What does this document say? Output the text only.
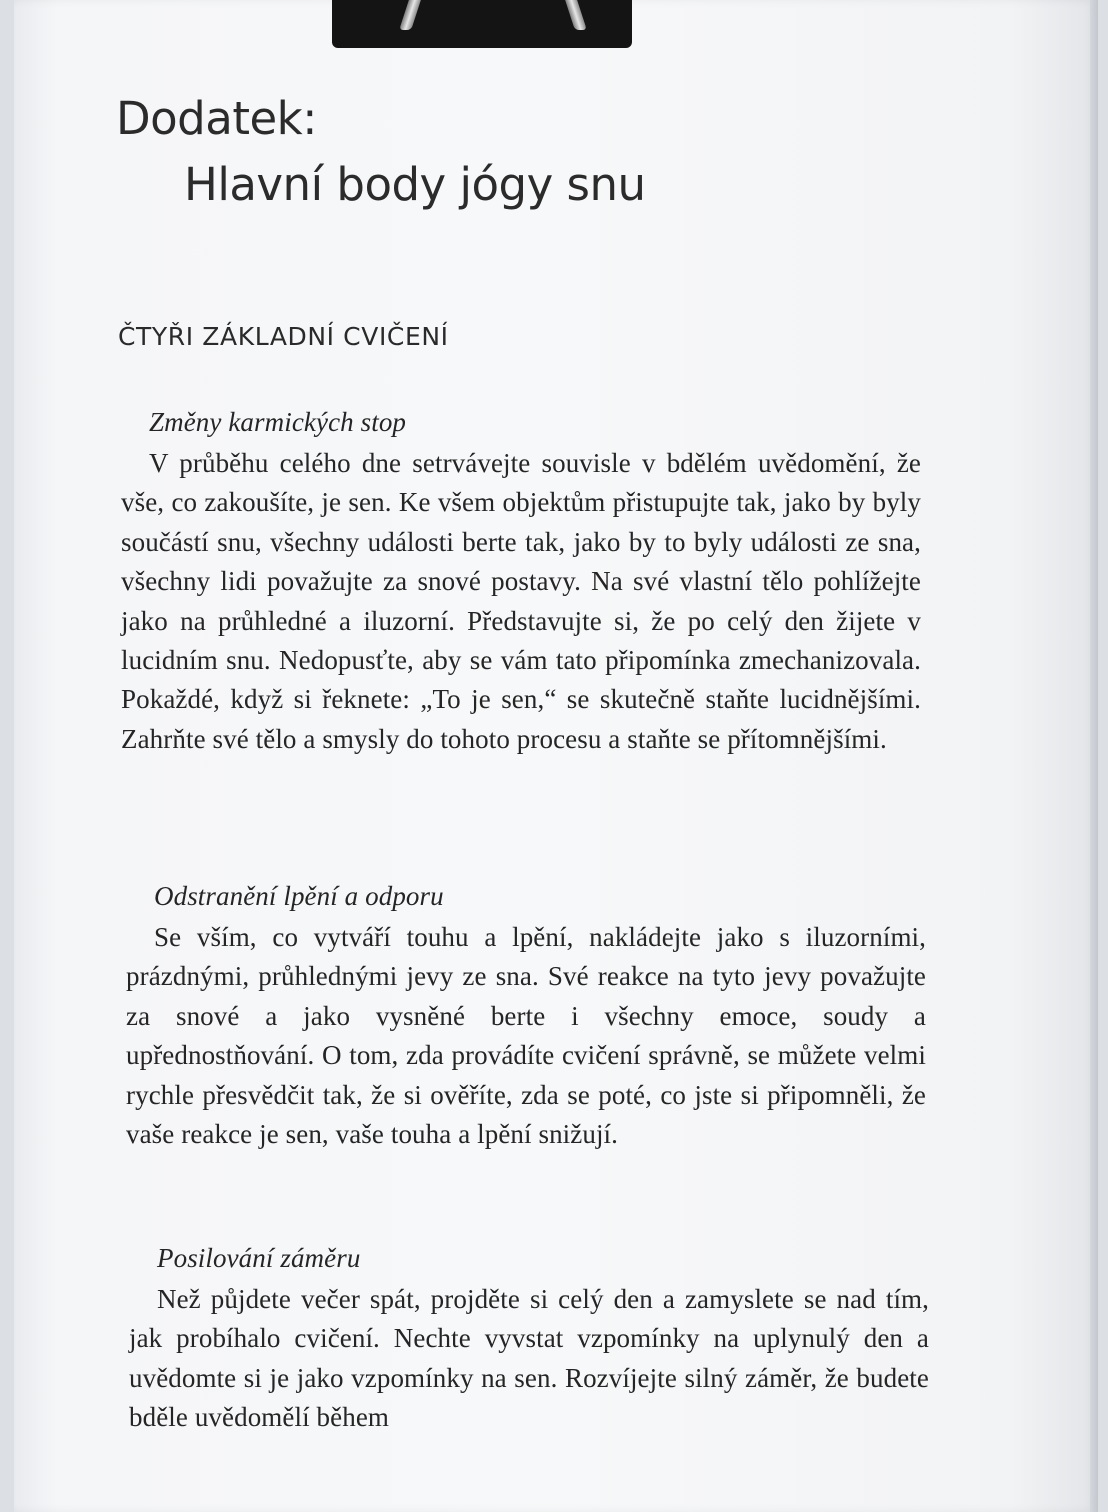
Dodatek:
Hlavní body jógy snu
ČTYŘI ZÁKLADNÍ CVIČENÍ
Změny karmických stop

V průběhu celého dne setrvávejte souvisle v bdělém uvědomění, že vše, co zakoušíte, je sen. Ke všem objektům přistupujte tak, jako by byly součástí snu, všechny události berte tak, jako by to byly události ze sna, všechny lidi považujte za snové postavy. Na své vlastní tělo pohlížejte jako na průhledné a iluzorní. Představujte si, že po celý den žijete v lucidním snu. Nedopusťte, aby se vám tato připomínka zmechanizovala. Pokaždé, když si řeknete: „To je sen,“ se skutečně staňte lucidnějšími. Zahrňte své tělo a smysly do tohoto procesu a staňte se přítomnějšími.

Odstranění lpění a odporu

Se vším, co vytváří touhu a lpění, nakládejte jako s iluzorními, prázdnými, průhlednými jevy ze sna. Své reakce na tyto jevy považujte za snové a jako vysněné berte i všechny emoce, soudy a upřednostňování. O tom, zda provádíte cvičení správně, se můžete velmi rychle přesvědčit tak, že si ověříte, zda se poté, co jste si připomněli, že vaše reakce je sen, vaše touha a lpění snižují.

Posilování záměru

Než půjdete večer spát, projděte si celý den a zamyslete se nad tím, jak probíhalo cvičení. Nechte vyvstat vzpomínky na uplynulý den a uvědomte si je jako vzpomínky na sen. Rozvíjejte silný záměr, že budete bděle uvědomělí během
